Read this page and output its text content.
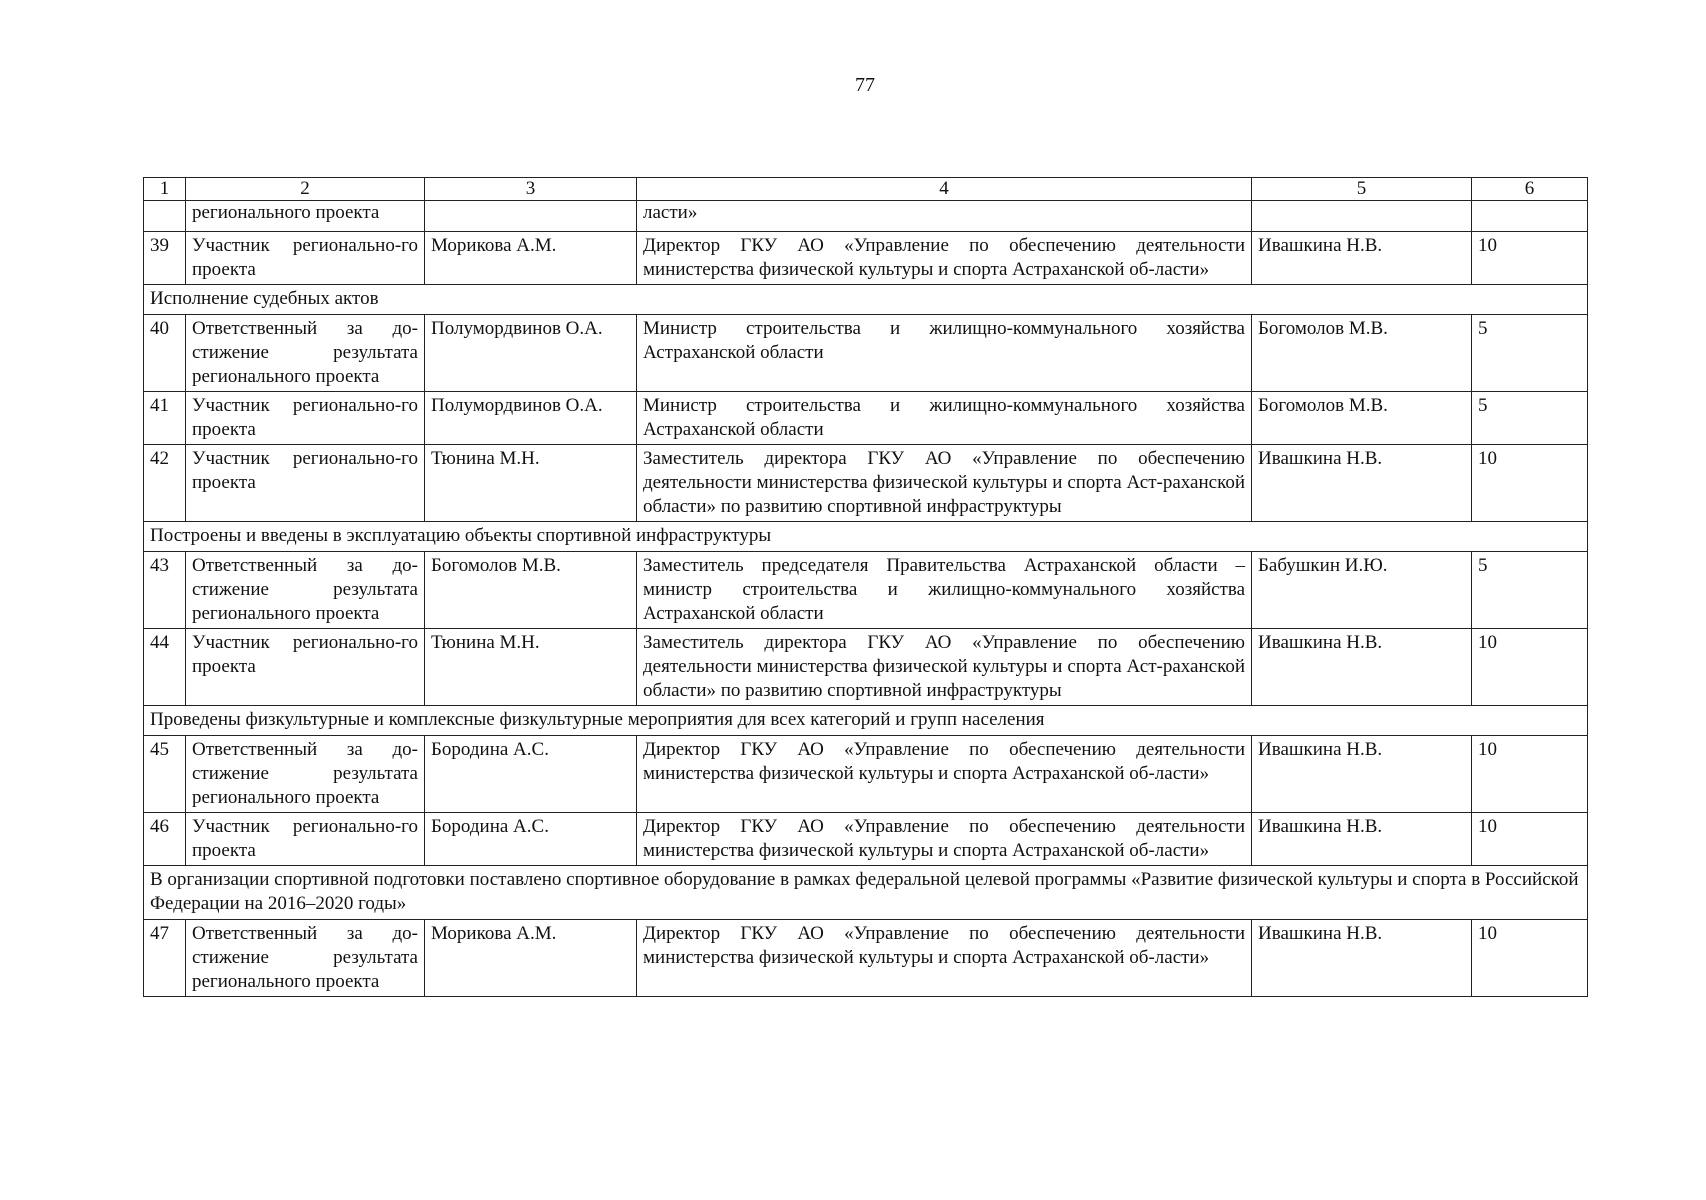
77
1	2	3	4	5	6
	регионального проекта		ласти»		
39	Участник регионально-го проекта	Морикова А.М.	Директор ГКУ АО «Управление по обеспечению деятельности министерства физической культуры и спорта Астраханской об-ласти»	Ивашкина Н.В.	10
Исполнение судебных актов					
40	Ответственный за до-стижение результата регионального проекта	Полумордвинов О.А.	Министр строительства и жилищно-коммунального хозяйства Астраханской области	Богомолов М.В.	5
41	Участник регионально-го проекта	Полумордвинов О.А.	Министр строительства и жилищно-коммунального хозяйства Астраханской области	Богомолов М.В.	5
42	Участник регионально-го проекта	Тюнина М.Н.	Заместитель директора ГКУ АО «Управление по обеспечению деятельности министерства физической культуры и спорта Аст-раханской области» по развитию спортивной инфраструктуры	Ивашкина Н.В.	10
Построены и введены в эксплуатацию объекты спортивной инфраструктуры					
43	Ответственный за до-стижение результата регионального проекта	Богомолов М.В.	Заместитель председателя Правительства Астраханской области – министр строительства и жилищно-коммунального хозяйства Астраханской области	Бабушкин И.Ю.	5
44	Участник регионально-го проекта	Тюнина М.Н.	Заместитель директора ГКУ АО «Управление по обеспечению деятельности министерства физической культуры и спорта Аст-раханской области» по развитию спортивной инфраструктуры	Ивашкина Н.В.	10
Проведены физкультурные и комплексные физкультурные мероприятия для всех категорий и групп населения					
45	Ответственный за до-стижение результата регионального проекта	Бородина А.С.	Директор ГКУ АО «Управление по обеспечению деятельности министерства физической культуры и спорта Астраханской об-ласти»	Ивашкина Н.В.	10
46	Участник регионально-го проекта	Бородина А.С.	Директор ГКУ АО «Управление по обеспечению деятельности министерства физической культуры и спорта Астраханской об-ласти»	Ивашкина Н.В.	10
В организации спортивной подготовки поставлено спортивное оборудование в рамках федеральной целевой программы «Развитие физической культуры и спорта в Российской Федерации на 2016–2020 годы»					
47	Ответственный за до-стижение результата регионального проекта	Морикова А.М.	Директор ГКУ АО «Управление по обеспечению деятельности министерства физической культуры и спорта Астраханской об-ласти»	Ивашкина Н.В.	10
